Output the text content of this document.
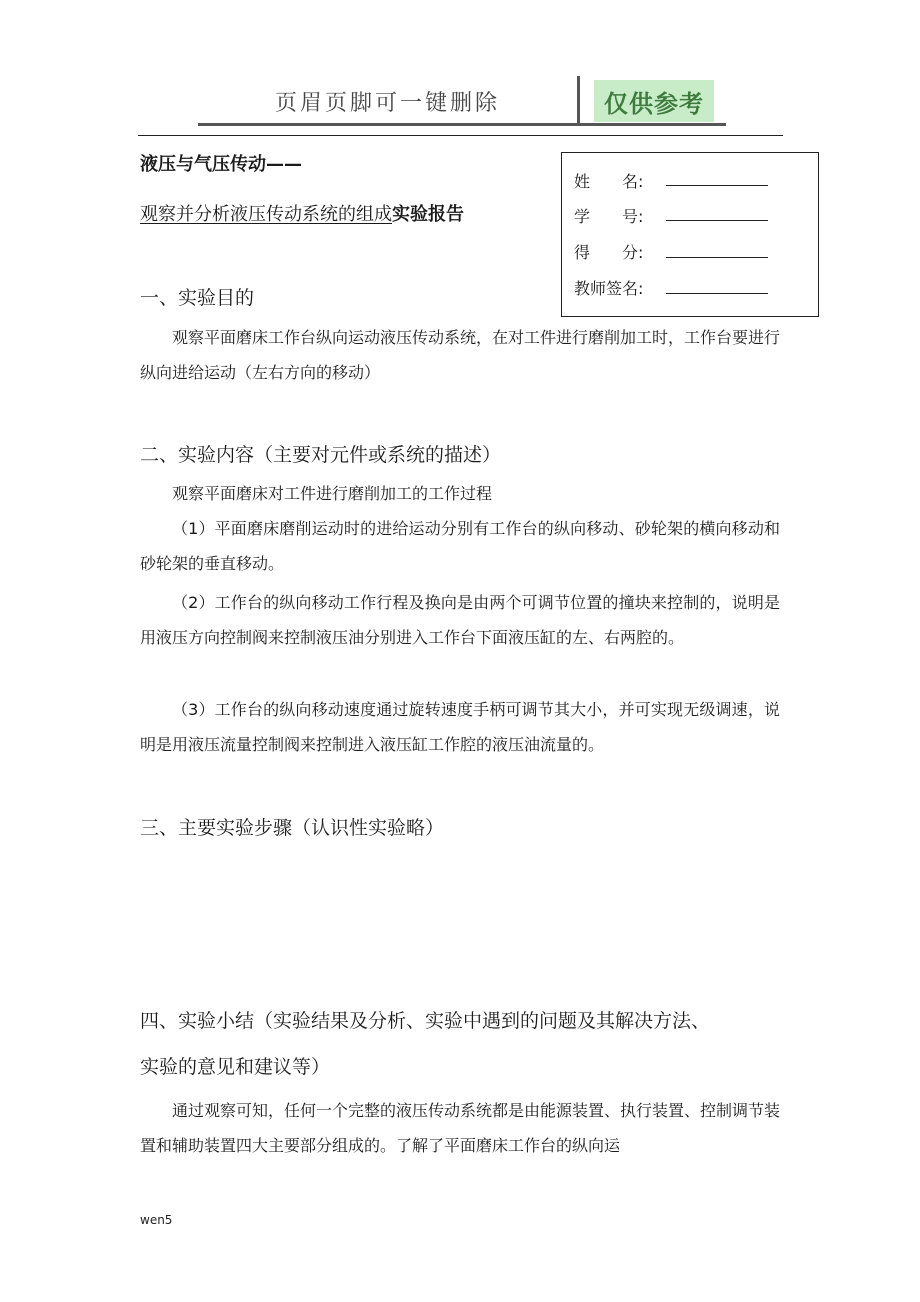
页眉页脚可一键删除	仅供参考
液压与气压传动——
观察并分析液压传动系统的组成实验报告
姓　　名:
学　　号:
得　　分:
教师签名:
一、实验目的
观察平面磨床工作台纵向运动液压传动系统，在对工件进行磨削加工时，工作台要进行纵向进给运动（左右方向的移动）
二、实验内容（主要对元件或系统的描述）
观察平面磨床对工件进行磨削加工的工作过程
（1）平面磨床磨削运动时的进给运动分别有工作台的纵向移动、砂轮架的横向移动和砂轮架的垂直移动。
（2）工作台的纵向移动工作行程及换向是由两个可调节位置的撞块来控制的，说明是用液压方向控制阀来控制液压油分别进入工作台下面液压缸的左、右两腔的。
（3）工作台的纵向移动速度通过旋转速度手柄可调节其大小，并可实现无级调速，说明是用液压流量控制阀来控制进入液压缸工作腔的液压油流量的。
三、主要实验步骤（认识性实验略）
四、实验小结（实验结果及分析、实验中遇到的问题及其解决方法、
实验的意见和建议等）
通过观察可知，任何一个完整的液压传动系统都是由能源装置、执行装置、控制调节装置和辅助装置四大主要部分组成的。了解了平面磨床工作台的纵向运
wen5
